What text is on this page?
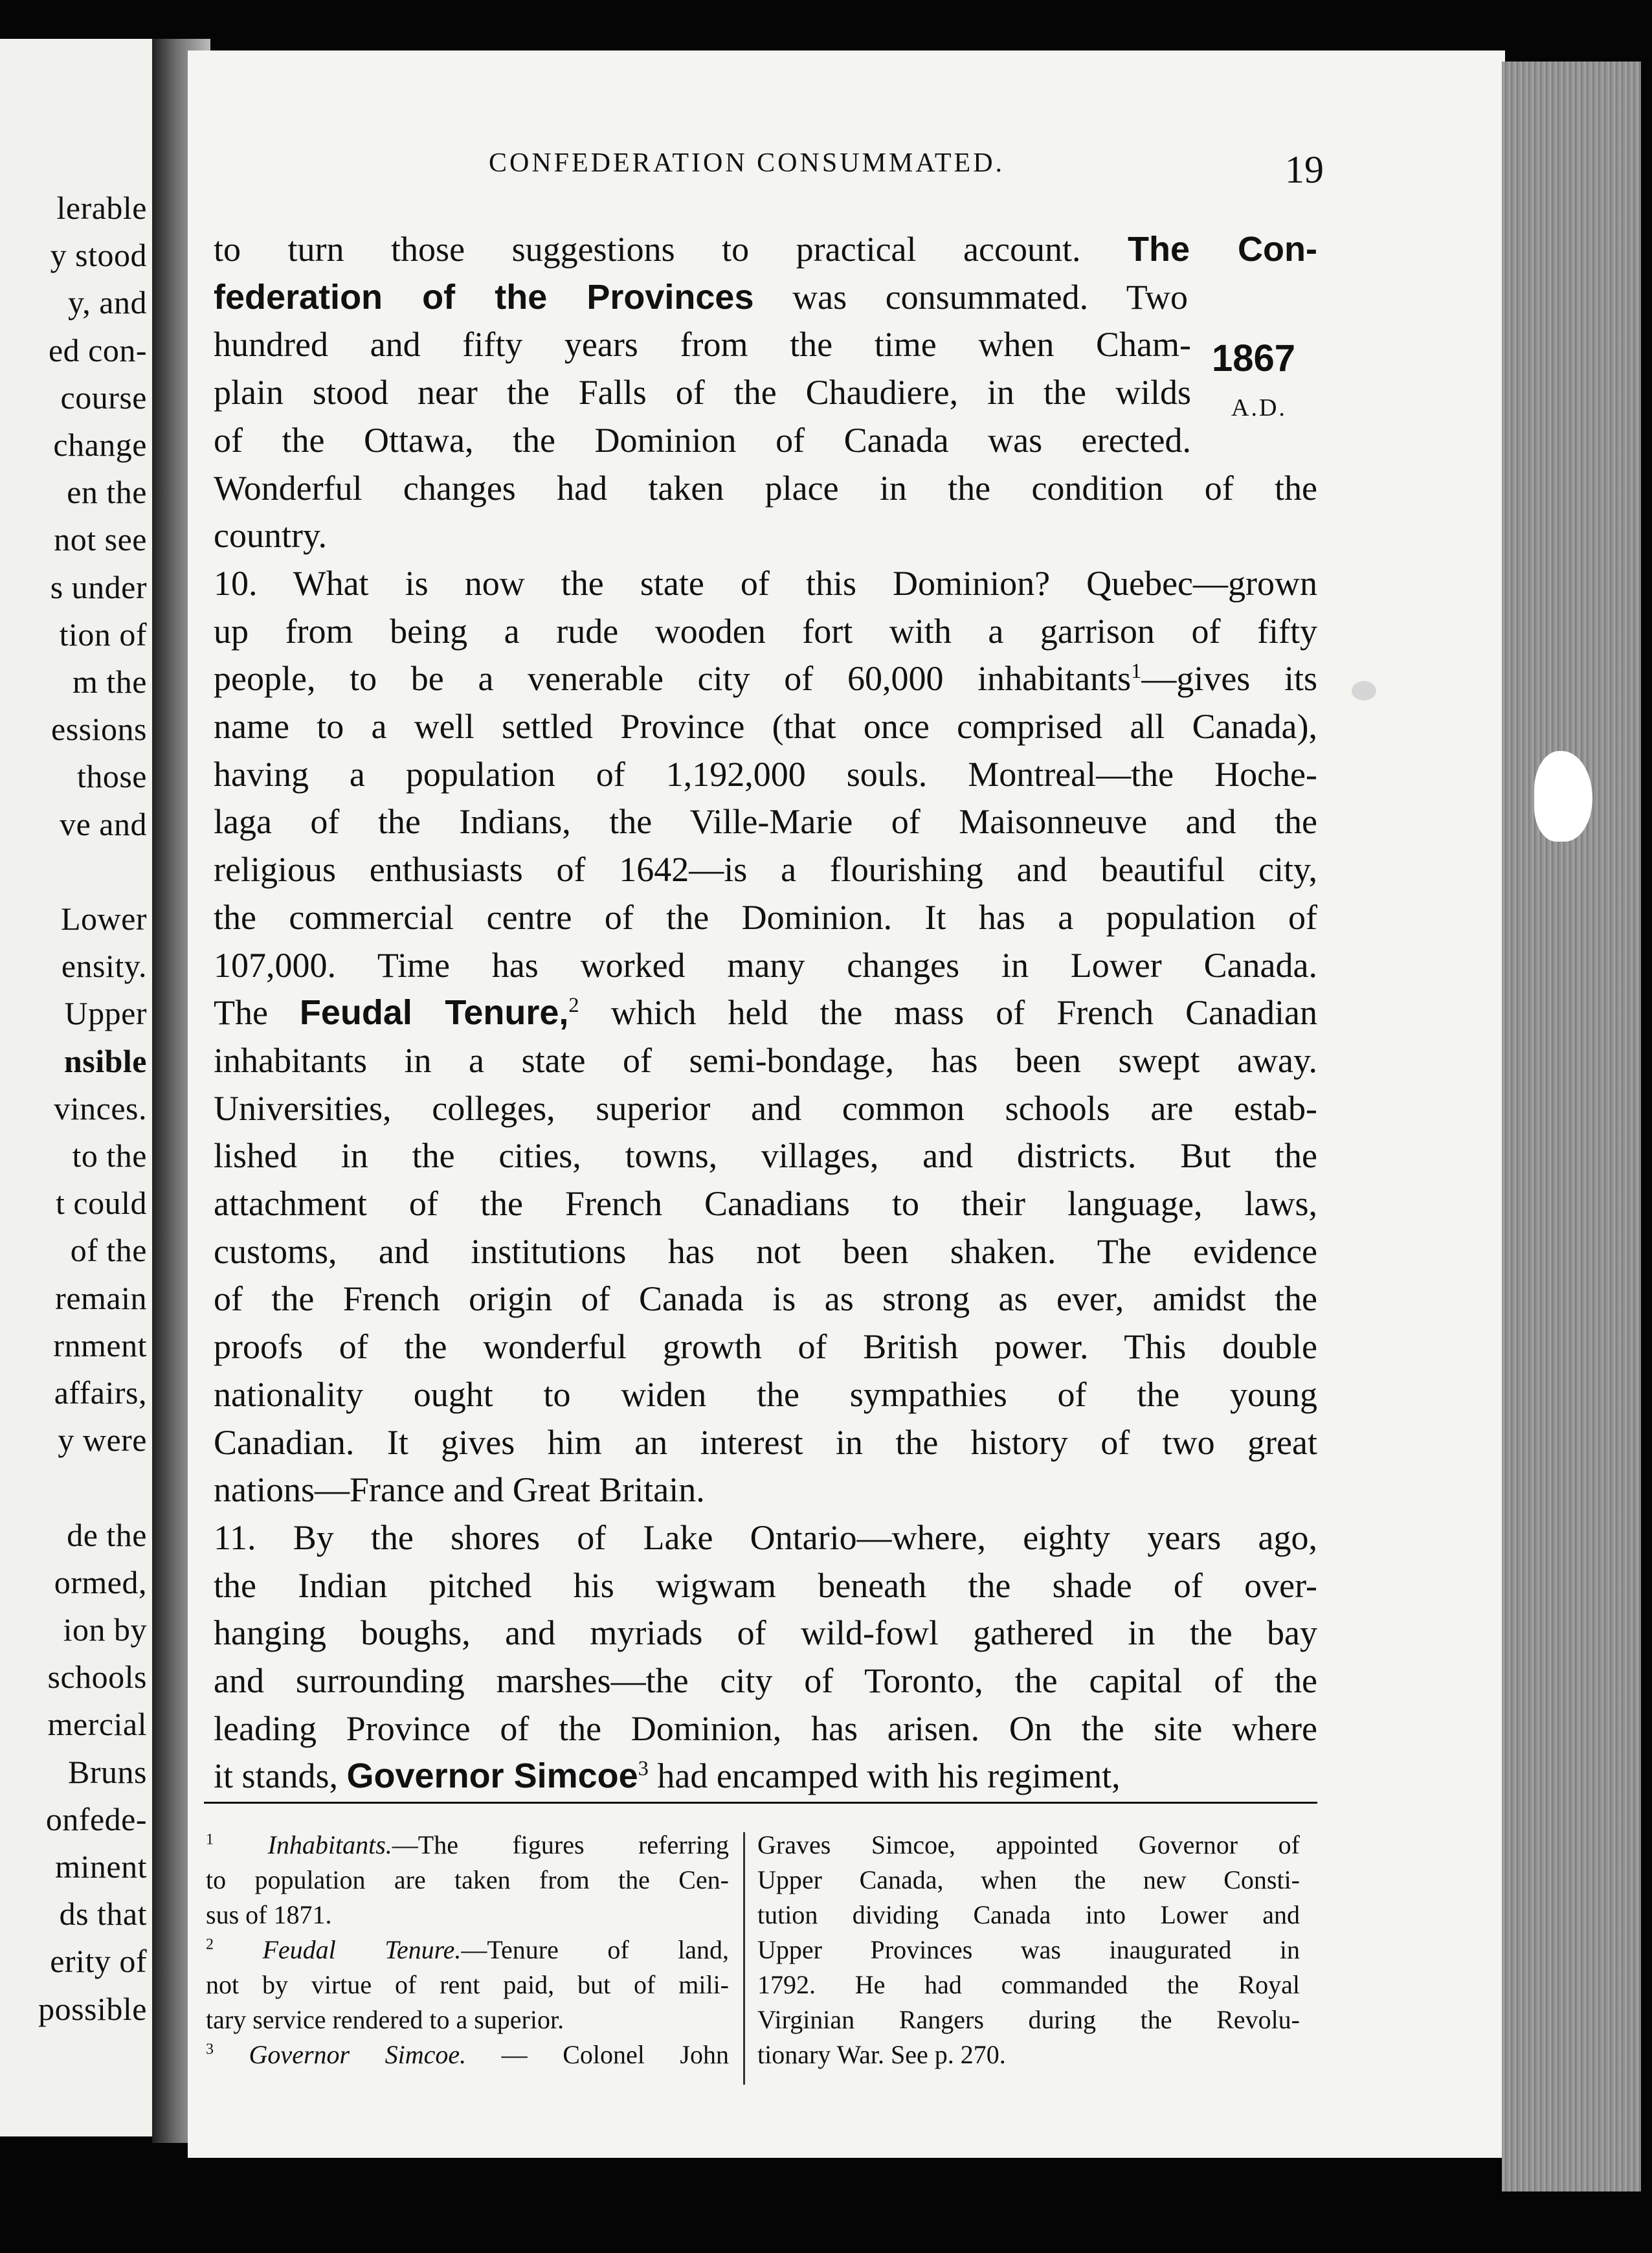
lerable
y stood
y, and
ed con-
course
change
en the
not see
s under
tion of
m the
essions
those
ve and
Lower
ensity.
Upper
nsible
vinces.
to the
t could
of the
remain
rnment
affairs,
y were
de the
ormed,
ion by
schools
mercial
Bruns
onfede-
minent
ds that
erity of
possible
CONFEDERATION CONSUMMATED.	19
1867
A.D.
to turn those suggestions to practical account. The Con-
federation of the Provinces was consummated. Two
hundred and fifty years from the time when Cham-
plain stood near the Falls of the Chaudiere, in the wilds
of the Ottawa, the Dominion of Canada was erected.
Wonderful changes had taken place in the condition of the
country.
10. What is now the state of this Dominion? Quebec—grown
up from being a rude wooden fort with a garrison of fifty
people, to be a venerable city of 60,000 inhabitants$^1$—gives its
name to a well settled Province (that once comprised all Canada),
having a population of 1,192,000 souls. Montreal—the Hoche-
laga of the Indians, the Ville-Marie of Maisonneuve and the
religious enthusiasts of 1642—is a flourishing and beautiful city,
the commercial centre of the Dominion. It has a population of
107,000. Time has worked many changes in Lower Canada.
The Feudal Tenure,$^2$ which held the mass of French Canadian
inhabitants in a state of semi-bondage, has been swept away.
Universities, colleges, superior and common schools are estab-
lished in the cities, towns, villages, and districts. But the
attachment of the French Canadians to their language, laws,
customs, and institutions has not been shaken. The evidence
of the French origin of Canada is as strong as ever, amidst the
proofs of the wonderful growth of British power. This double
nationality ought to widen the sympathies of the young
Canadian. It gives him an interest in the history of two great
nations—France and Great Britain.
11. By the shores of Lake Ontario—where, eighty years ago,
the Indian pitched his wigwam beneath the shade of over-
hanging boughs, and myriads of wild-fowl gathered in the bay
and surrounding marshes—the city of Toronto, the capital of the
leading Province of the Dominion, has arisen. On the site where
it stands, Governor Simcoe$^3$ had encamped with his regiment,
$^1$ Inhabitants.—The figures referring
to population are taken from the Cen-
sus of 1871.
$^2$ Feudal Tenure.—Tenure of land,
not by virtue of rent paid, but of mili-
tary service rendered to a superior.
$^3$ Governor Simcoe. — Colonel John
Graves Simcoe, appointed Governor of
Upper Canada, when the new Consti-
tution dividing Canada into Lower and
Upper Provinces was inaugurated in
1792. He had commanded the Royal
Virginian Rangers during the Revolu-
tionary War. See p. 270.
